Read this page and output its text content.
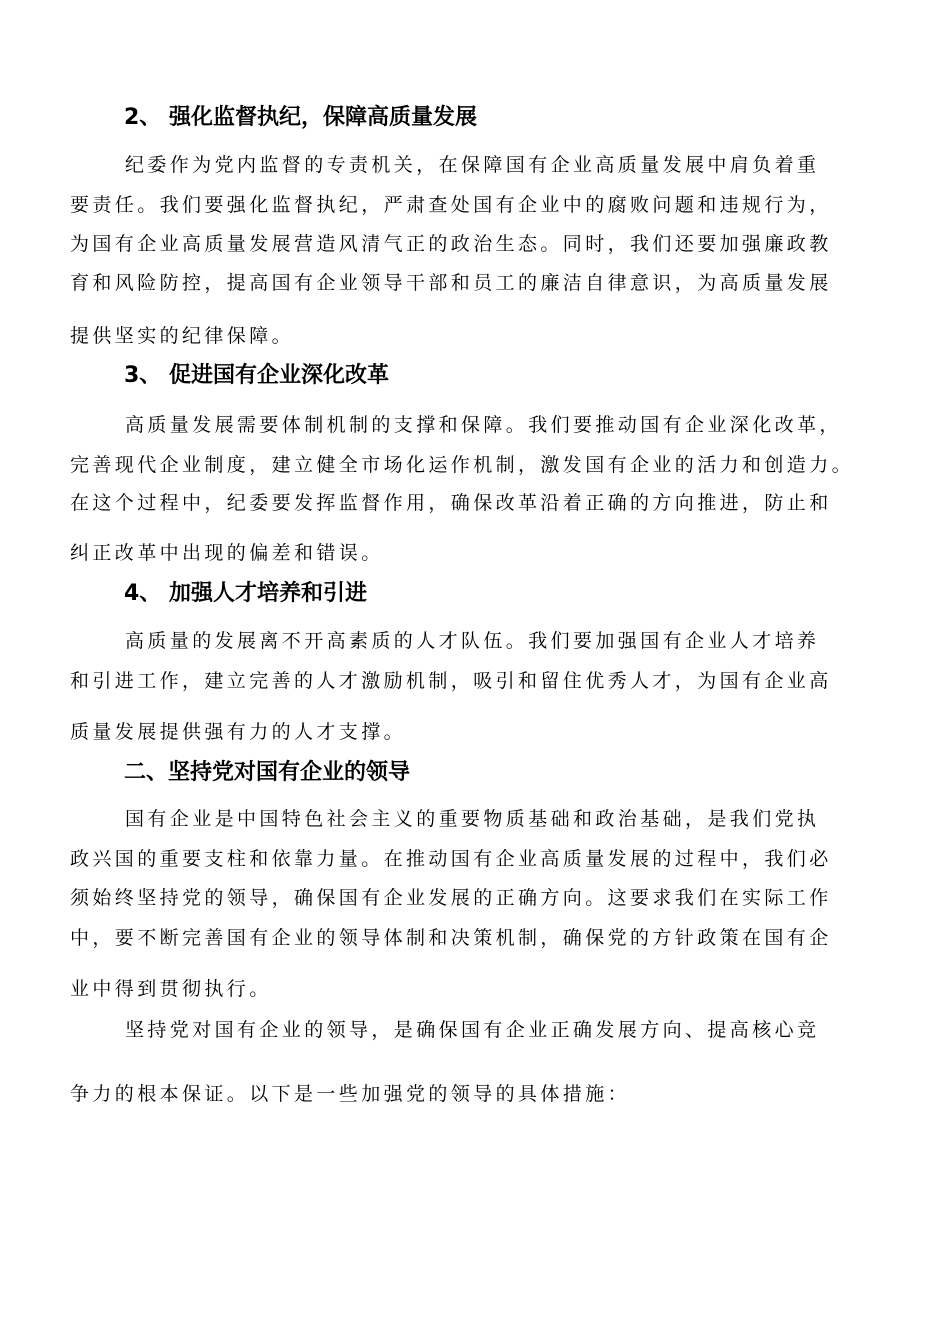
2、 强化监督执纪，保障高质量发展
纪委作为党内监督的专责机关，在保障国有企业高质量发展中肩负着重
要责任。我们要强化监督执纪，严肃查处国有企业中的腐败问题和违规行为，
为国有企业高质量发展营造风清气正的政治生态。同时，我们还要加强廉政教
育和风险防控，提高国有企业领导干部和员工的廉洁自律意识，为高质量发展
提供坚实的纪律保障。
3、 促进国有企业深化改革
高质量发展需要体制机制的支撑和保障。我们要推动国有企业深化改革，
完善现代企业制度，建立健全市场化运作机制，激发国有企业的活力和创造力。
在这个过程中，纪委要发挥监督作用，确保改革沿着正确的方向推进，防止和
纠正改革中出现的偏差和错误。
4、 加强人才培养和引进
高质量的发展离不开高素质的人才队伍。我们要加强国有企业人才培养
和引进工作，建立完善的人才激励机制，吸引和留住优秀人才，为国有企业高
质量发展提供强有力的人才支撑。
二、坚持党对国有企业的领导
国有企业是中国特色社会主义的重要物质基础和政治基础，是我们党执
政兴国的重要支柱和依靠力量。在推动国有企业高质量发展的过程中，我们必
须始终坚持党的领导，确保国有企业发展的正确方向。这要求我们在实际工作
中，要不断完善国有企业的领导体制和决策机制，确保党的方针政策在国有企
业中得到贯彻执行。
坚持党对国有企业的领导，是确保国有企业正确发展方向、提高核心竞
争力的根本保证。以下是一些加强党的领导的具体措施：
